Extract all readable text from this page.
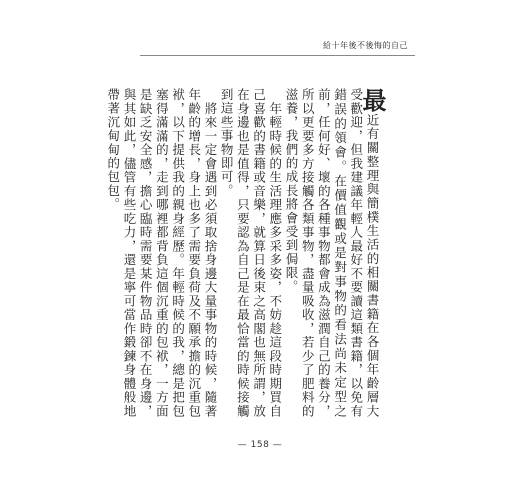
給十年後不後悔的自己

最近有關整理與簡樸生活的相關書籍在各個年齡層大受歡迎，但我建議年輕人最好不要讀這類書籍，以免有錯誤的領會。在價值觀或是對事物的看法尚未定型之前，任何好、壞的各種事物都會成為滋潤自己的養分，所以更要多方接觸各類事物，盡量吸收，若少了肥料的滋養，我們的成長將會受到侷限。

　年輕時候的生活理應多采多姿，不妨趁這段時期買自己喜歡的書籍或音樂，就算日後束之高閣也無所謂，放在身邊也是值得，只要認為自己是在最恰當的時候接觸到這些事物即可。

　將來一定會遇到必須取捨身邊大量事物的時候，隨著年齡的增長，身上也多了需要負荷及不願承擔的沉重包袱，以下提供我的親身經歷。年輕時候的我，總是把包塞得滿滿的，走到哪裡都背負這個沉重的包袱，一方面是缺乏安全感，擔心臨時需要某件物品時卻不在身邊，與其如此，儘管有些吃力，還是寧可當作鍛鍊身體般地帶著沉甸甸的包包。

— 158 —
